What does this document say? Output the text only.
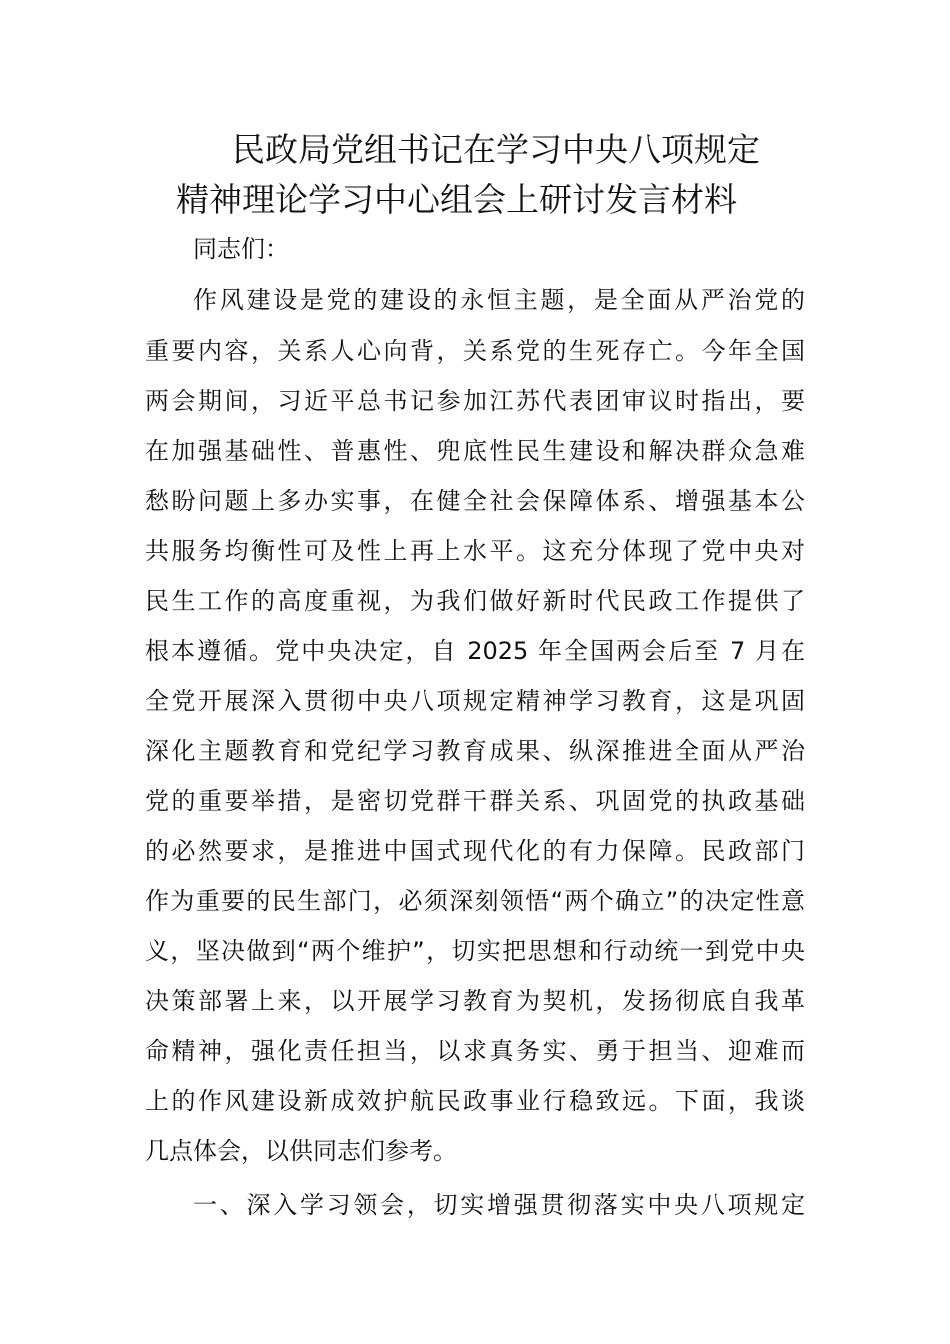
民政局党组书记在学习中央八项规定
精神理论学习中心组会上研讨发言材料
同志们：
作风建设是党的建设的永恒主题，是全面从严治党的
重要内容，关系人心向背，关系党的生死存亡。今年全国
两会期间，习近平总书记参加江苏代表团审议时指出，要
在加强基础性、普惠性、兜底性民生建设和解决群众急难
愁盼问题上多办实事，在健全社会保障体系、增强基本公
共服务均衡性可及性上再上水平。这充分体现了党中央对
民生工作的高度重视，为我们做好新时代民政工作提供了
根本遵循。党中央决定，自 2025 年全国两会后至 7 月在
全党开展深入贯彻中央八项规定精神学习教育，这是巩固
深化主题教育和党纪学习教育成果、纵深推进全面从严治
党的重要举措，是密切党群干群关系、巩固党的执政基础
的必然要求，是推进中国式现代化的有力保障。民政部门
作为重要的民生部门，必须深刻领悟“两个确立”的决定性意
义，坚决做到“两个维护”，切实把思想和行动统一到党中央
决策部署上来，以开展学习教育为契机，发扬彻底自我革
命精神，强化责任担当，以求真务实、勇于担当、迎难而
上的作风建设新成效护航民政事业行稳致远。下面，我谈
几点体会，以供同志们参考。
一、深入学习领会，切实增强贯彻落实中央八项规定
